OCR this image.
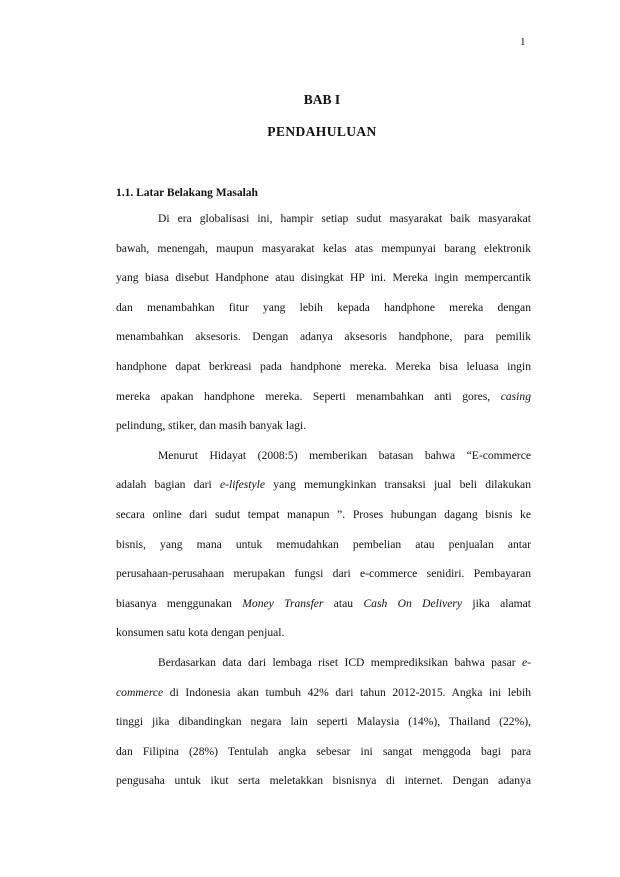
1
BAB I
PENDAHULUAN
1.1. Latar Belakang Masalah
Di era globalisasi ini, hampir setiap sudut masyarakat baik masyarakat
bawah, menengah, maupun masyarakat kelas atas mempunyai barang elektronik
yang biasa disebut Handphone atau disingkat HP ini. Mereka ingin mempercantik
dan menambahkan fitur yang lebih kepada handphone mereka dengan
menambahkan aksesoris. Dengan adanya aksesoris handphone, para pemilik
handphone dapat berkreasi pada handphone mereka. Mereka bisa leluasa ingin
mereka apakan handphone mereka. Seperti menambahkan anti gores, casing
pelindung, stiker, dan masih banyak lagi.
Menurut Hidayat (2008:5) memberikan batasan bahwa “E-commerce
adalah bagian dari e-lifestyle yang memungkinkan transaksi jual beli dilakukan
secara online dari sudut tempat manapun ”. Proses hubungan dagang bisnis ke
bisnis, yang mana untuk memudahkan pembelian atau penjualan antar
perusahaan-perusahaan merupakan fungsi dari e-commerce senidiri. Pembayaran
biasanya menggunakan Money Transfer atau Cash On Delivery jika alamat
konsumen satu kota dengan penjual.
Berdasarkan data dari lembaga riset ICD memprediksikan bahwa pasar e-
commerce di Indonesia akan tumbuh 42% dari tahun 2012-2015. Angka ini lebih
tinggi jika dibandingkan negara lain seperti Malaysia (14%), Thailand (22%),
dan Filipina (28%) Tentulah angka sebesar ini sangat menggoda bagi para
pengusaha untuk ikut serta meletakkan bisnisnya di internet. Dengan adanya
